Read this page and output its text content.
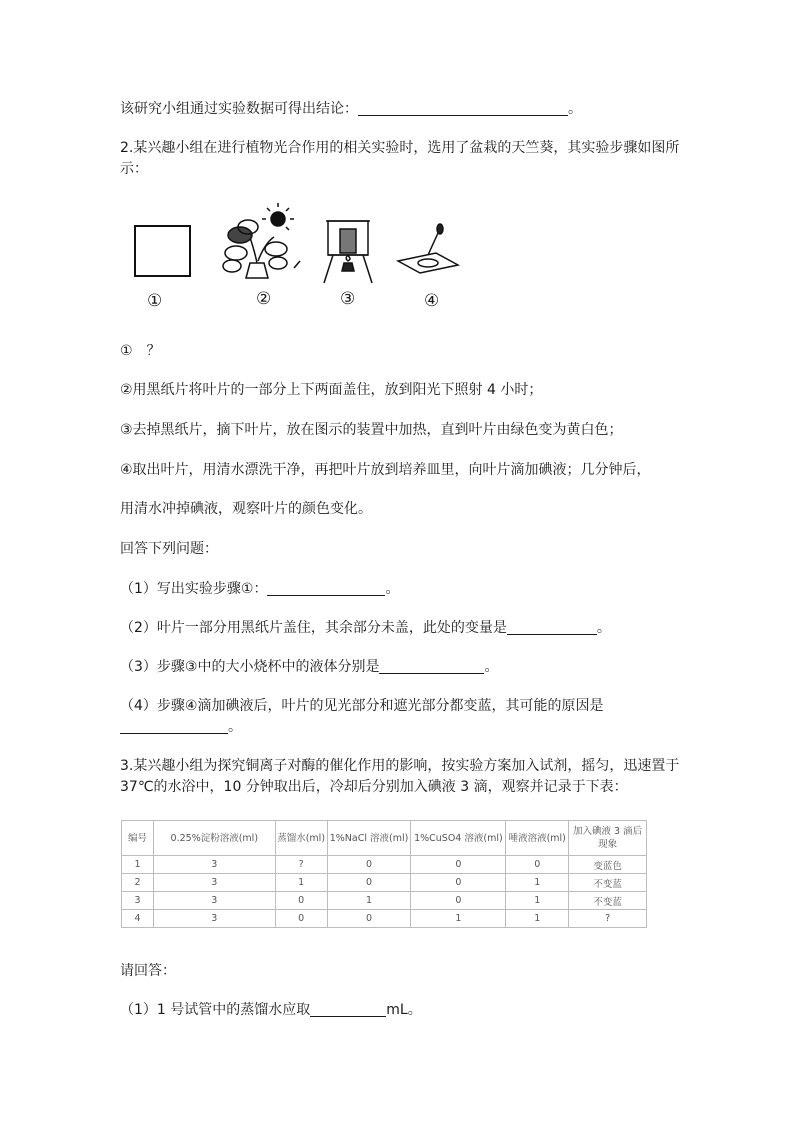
该研究小组通过实验数据可得出结论：	。
2.某兴趣小组在进行植物光合作用的相关实验时，选用了盆栽的天竺葵，其实验步骤如图所
示：
①	②	③	④
①　？
②用黑纸片将叶片的一部分上下两面盖住，放到阳光下照射 4 小时；
③去掉黑纸片，摘下叶片，放在图示的装置中加热，直到叶片由绿色变为黄白色；
④取出叶片，用清水漂洗干净，再把叶片放到培养皿里，向叶片滴加碘液；几分钟后，
用清水冲掉碘液，观察叶片的颜色变化。
回答下列问题：
（1）写出实验步骤①：	。
（2）叶片一部分用黑纸片盖住，其余部分未盖，此处的变量是	。
（3）步骤③中的大小烧杯中的液体分别是	。
（4）步骤④滴加碘液后，叶片的见光部分和遮光部分都变蓝，其可能的原因是
。
3.某兴趣小组为探究铜离子对酶的催化作用的影响，按实验方案加入试剂，摇匀，迅速置于
37℃的水浴中，10 分钟取出后，冷却后分别加入碘液 3 滴，观察并记录于下表：
编号	0.25%淀粉溶液(ml)	蒸馏水(ml)	1%NaCl 溶液(ml)	1%CuSO4 溶液(ml)	唾液溶液(ml)	加入碘液 3 滴后现象
1	3	?	0	0	0	变蓝色
2	3	1	0	0	1	不变蓝
3	3	0	1	0	1	不变蓝
4	3	0	0	1	1	?
请回答：
（1）1 号试管中的蒸馏水应取	mL。
